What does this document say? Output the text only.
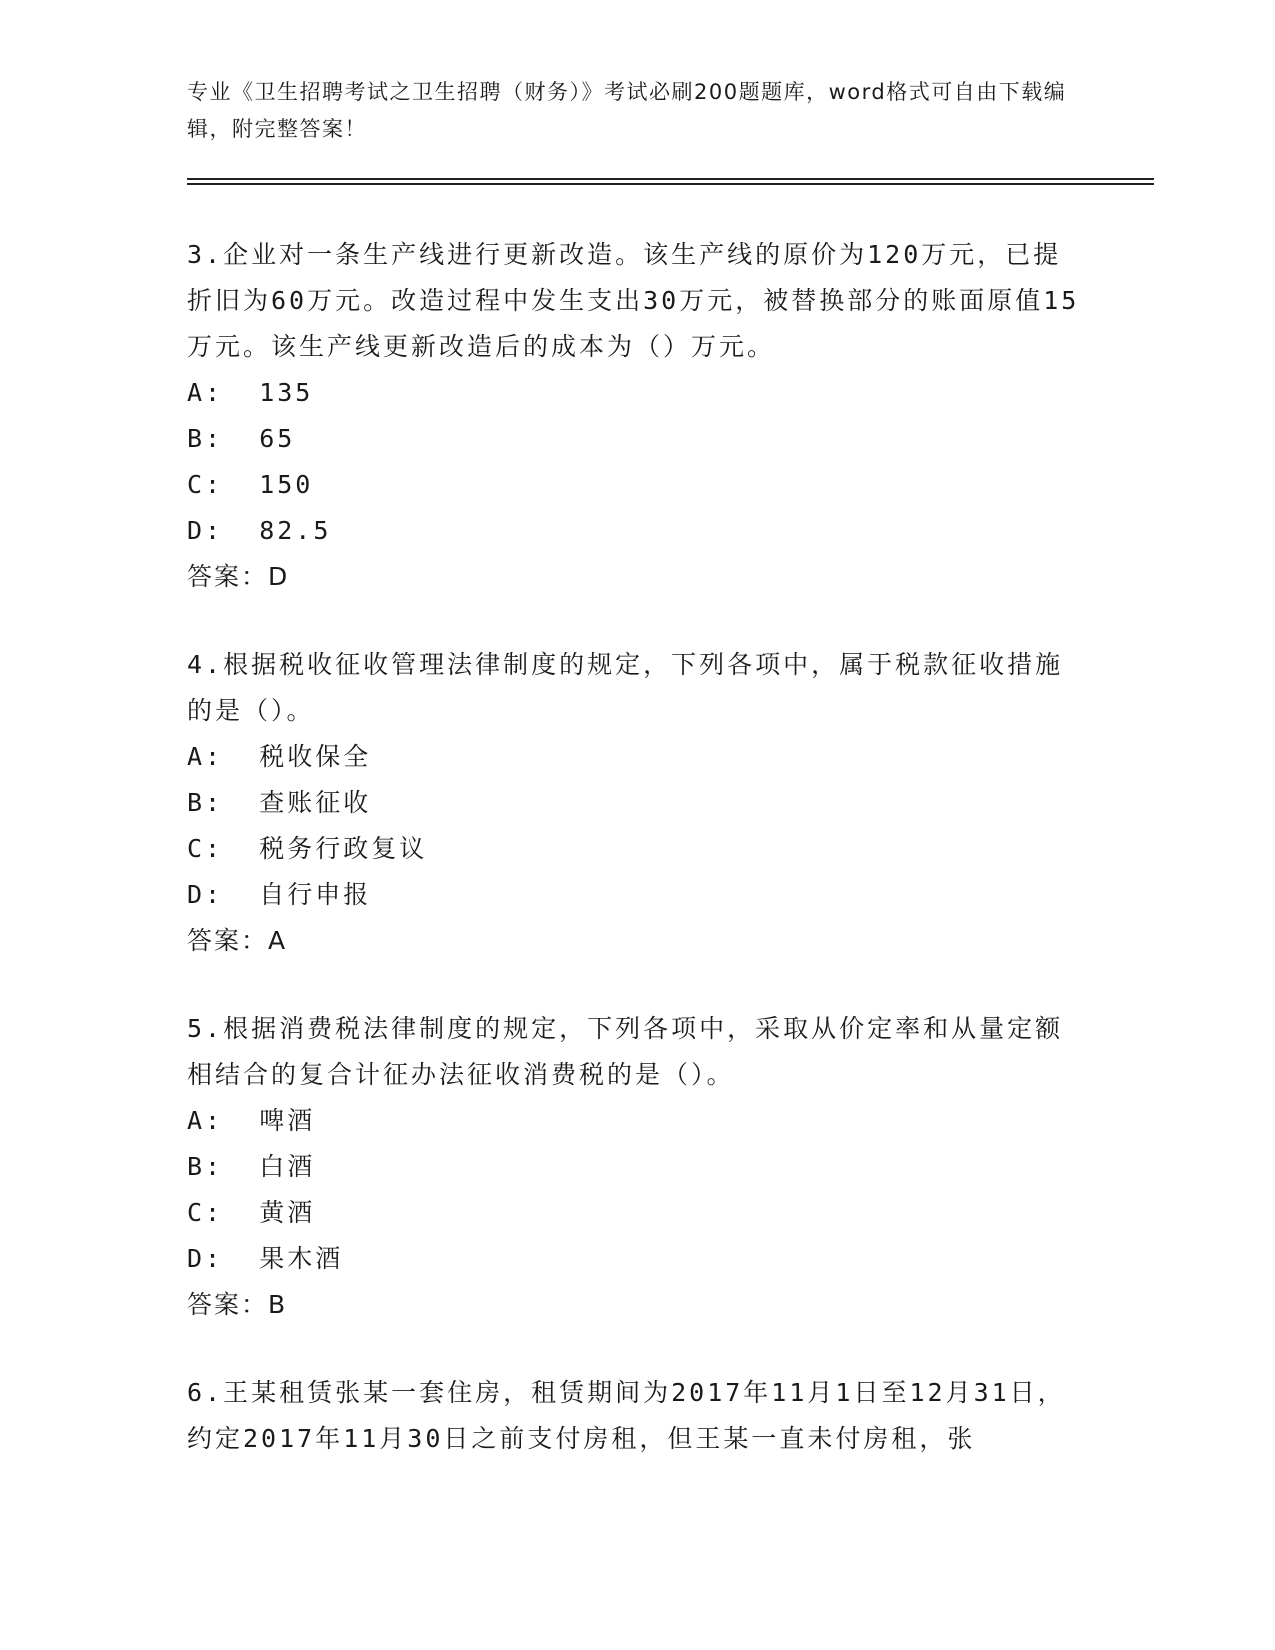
专业《卫生招聘考试之卫生招聘（财务）》考试必刷200题题库，word格式可自由下载编辑，附完整答案！
3.企业对一条生产线进行更新改造。该生产线的原价为120万元，已提折旧为60万元。改造过程中发生支出30万元，被替换部分的账面原值15万元。该生产线更新改造后的成本为（）万元。
A:  135
B:  65
C:  150
D:  82.5
答案：D
4.根据税收征收管理法律制度的规定，下列各项中，属于税款征收措施的是（）。
A:  税收保全
B:  查账征收
C:  税务行政复议
D:  自行申报
答案：A
5.根据消费税法律制度的规定，下列各项中，采取从价定率和从量定额相结合的复合计征办法征收消费税的是（）。
A:  啤酒
B:  白酒
C:  黄酒
D:  果木酒
答案：B
6.王某租赁张某一套住房，租赁期间为2017年11月1日至12月31日，约定2017年11月30日之前支付房租，但王某一直未付房租，张
